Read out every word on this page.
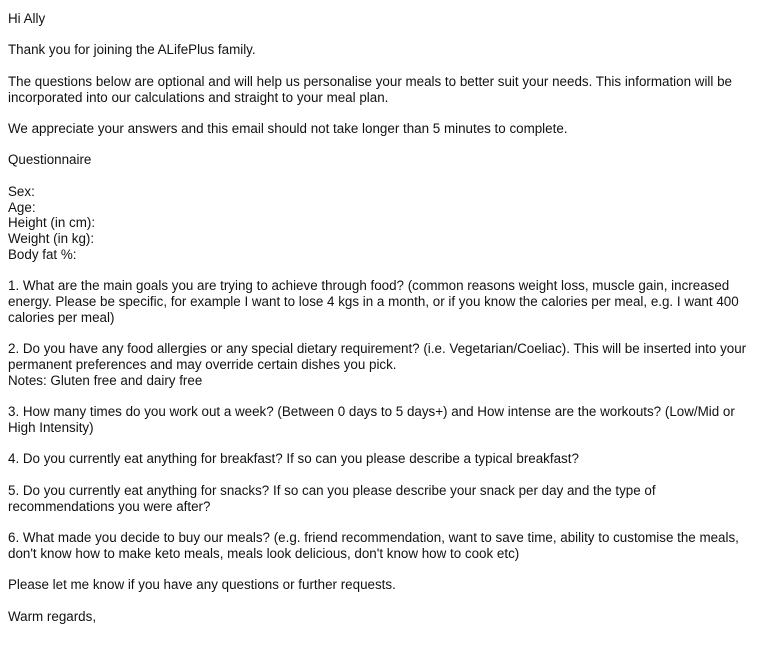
Hi Ally

Thank you for joining the ALifePlus family.

The questions below are optional and will help us personalise your meals to better suit your needs. This information will be incorporated into our calculations and straight to your meal plan.

We appreciate your answers and this email should not take longer than 5 minutes to complete.

Questionnaire

Sex:
Age:
Height (in cm):
Weight (in kg):
Body fat %:

1. What are the main goals you are trying to achieve through food? (common reasons weight loss, muscle gain, increased energy. Please be specific, for example I want to lose 4 kgs in a month, or if you know the calories per meal, e.g. I want 400 calories per meal)

2. Do you have any food allergies or any special dietary requirement? (i.e. Vegetarian/Coeliac). This will be inserted into your permanent preferences and may override certain dishes you pick.
Notes: Gluten free and dairy free

3. How many times do you work out a week? (Between 0 days to 5 days+) and How intense are the workouts? (Low/Mid or High Intensity)

4. Do you currently eat anything for breakfast? If so can you please describe a typical breakfast?

5. Do you currently eat anything for snacks? If so can you please describe your snack per day and the type of recommendations you were after?

6. What made you decide to buy our meals? (e.g. friend recommendation, want to save time, ability to customise the meals, don't know how to make keto meals, meals look delicious, don't know how to cook etc)

Please let me know if you have any questions or further requests.

Warm regards,
